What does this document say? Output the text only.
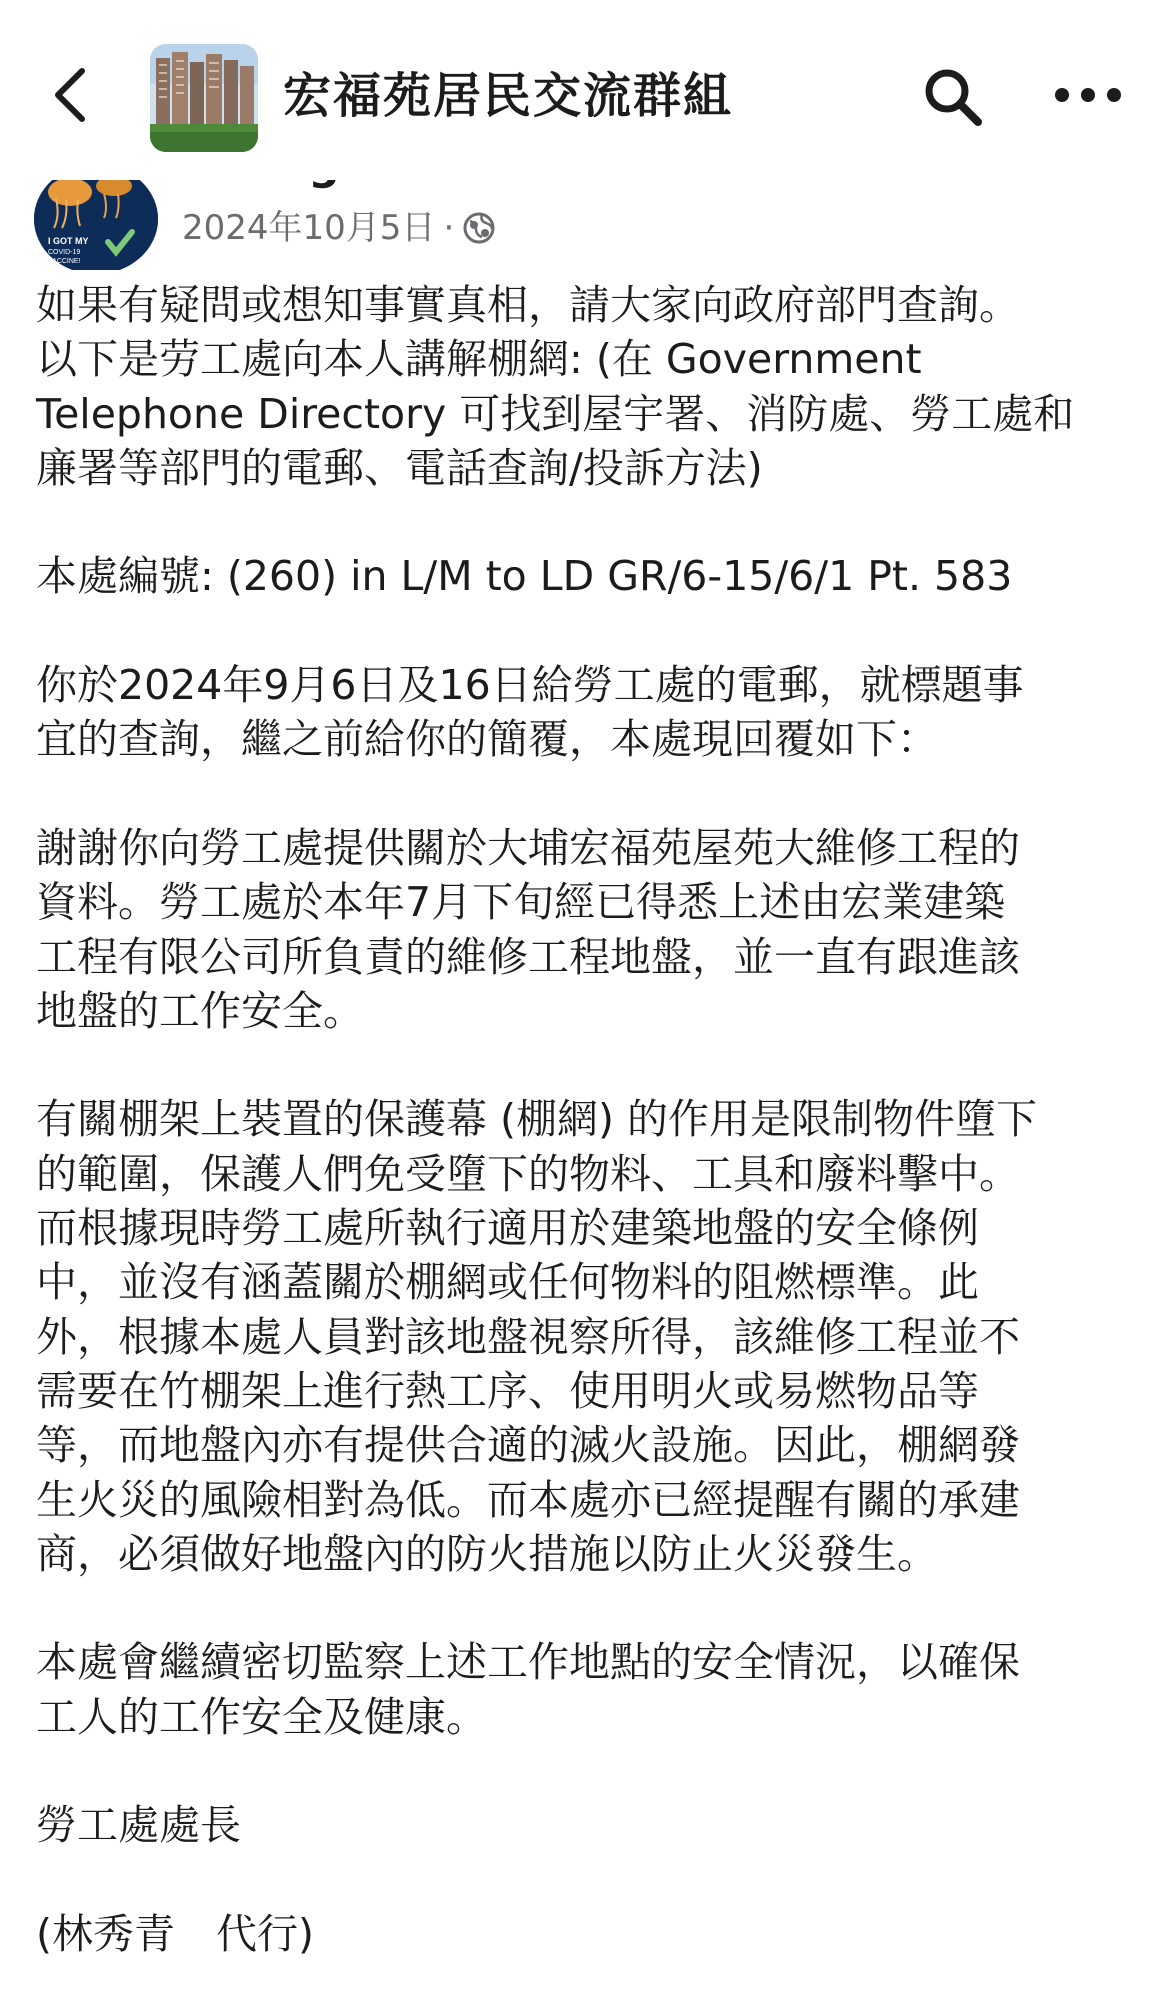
宏福苑居民交流群組
I GOT MY
COVID-19
VACCINE!
2024年10月5日 ·

如果有疑問或想知事實真相，請大家向政府部門查詢。
以下是劳工處向本人講解棚網: (在 Government
Telephone Directory 可找到屋宇署、消防處、勞工處和
廉署等部門的電郵、電話查詢/投訴方法)

本處編號: (260) in L/M to LD GR/6-15/6/1 Pt. 583

你於2024年9月6日及16日給勞工處的電郵，就標題事
宜的查詢，繼之前給你的簡覆，本處現回覆如下：

謝謝你向勞工處提供關於大埔宏福苑屋苑大維修工程的
資料。勞工處於本年7月下旬經已得悉上述由宏業建築
工程有限公司所負責的維修工程地盤，並一直有跟進該
地盤的工作安全。

有關棚架上裝置的保護幕 (棚網) 的作用是限制物件墮下
的範圍，保護人們免受墮下的物料、工具和廢料擊中。
而根據現時勞工處所執行適用於建築地盤的安全條例
中，並沒有涵蓋關於棚網或任何物料的阻燃標準。此
外，根據本處人員對該地盤視察所得，該維修工程並不
需要在竹棚架上進行熱工序、使用明火或易燃物品等
等，而地盤內亦有提供合適的滅火設施。因此，棚網發
生火災的風險相對為低。而本處亦已經提醒有關的承建
商，必須做好地盤內的防火措施以防止火災發生。

本處會繼續密切監察上述工作地點的安全情況，以確保
工人的工作安全及健康。

勞工處處長

(林秀青　代行)
